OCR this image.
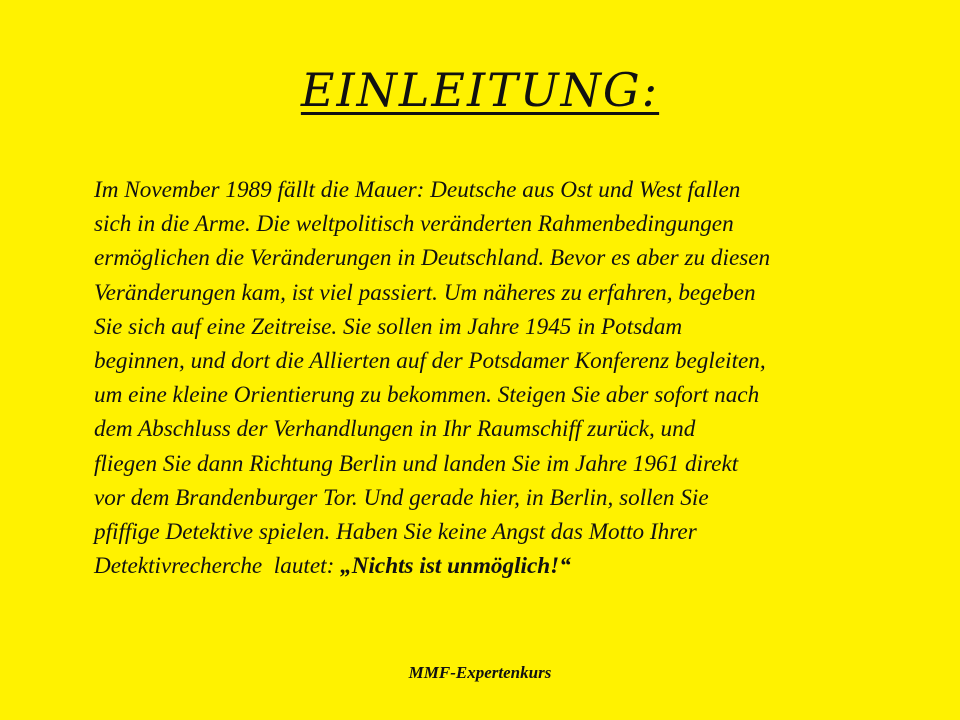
EINLEITUNG:
Im November 1989 fällt die Mauer: Deutsche aus Ost und West fallen
sich in die Arme. Die weltpolitisch veränderten Rahmenbedingungen
ermöglichen die Veränderungen in Deutschland. Bevor es aber zu diesen
Veränderungen kam, ist viel passiert. Um näheres zu erfahren, begeben
Sie sich auf eine Zeitreise. Sie sollen im Jahre 1945 in Potsdam
beginnen, und dort die Allierten auf der Potsdamer Konferenz begleiten,
um eine kleine Orientierung zu bekommen. Steigen Sie aber sofort nach
dem Abschluss der Verhandlungen in Ihr Raumschiff zurück, und
fliegen Sie dann Richtung Berlin und landen Sie im Jahre 1961 direkt
vor dem Brandenburger Tor. Und gerade hier, in Berlin, sollen Sie
pfiffige Detektive spielen. Haben Sie keine Angst das Motto Ihrer
Detektivrecherche  lautet: „Nichts ist unmöglich!“
MMF-Expertenkurs
